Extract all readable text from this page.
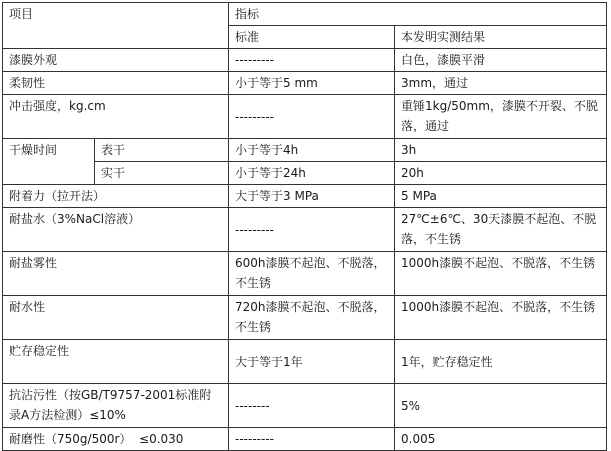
项目		指标	
		标准	本发明实测结果
漆膜外观		---------	白色，漆膜平滑
柔韧性		小于等于5 mm	3mm，通过
冲击强度，kg.cm		---------	重锤1kg/50mm，漆膜不开裂、不脱落，通过
干燥时间	表干	小于等于4h	3h
	实干	小于等于24h	20h
附着力（拉开法）		大于等于3 MPa	5 MPa
耐盐水（3%NaCl溶液）		---------	27℃±6℃、30天漆膜不起泡、不脱落，不生锈
耐盐雾性		600h漆膜不起泡、不脱落，不生锈	1000h漆膜不起泡、不脱落，不生锈
耐水性		720h漆膜不起泡、不脱落，不生锈	1000h漆膜不起泡、不脱落，不生锈
贮存稳定性		大于等于1年	1年，贮存稳定性
抗沾污性（按GB/T9757-2001标准附录A方法检测）≤10%		--------	5%
耐磨性（750g/500r）  ≤0.030		---------	0.005
